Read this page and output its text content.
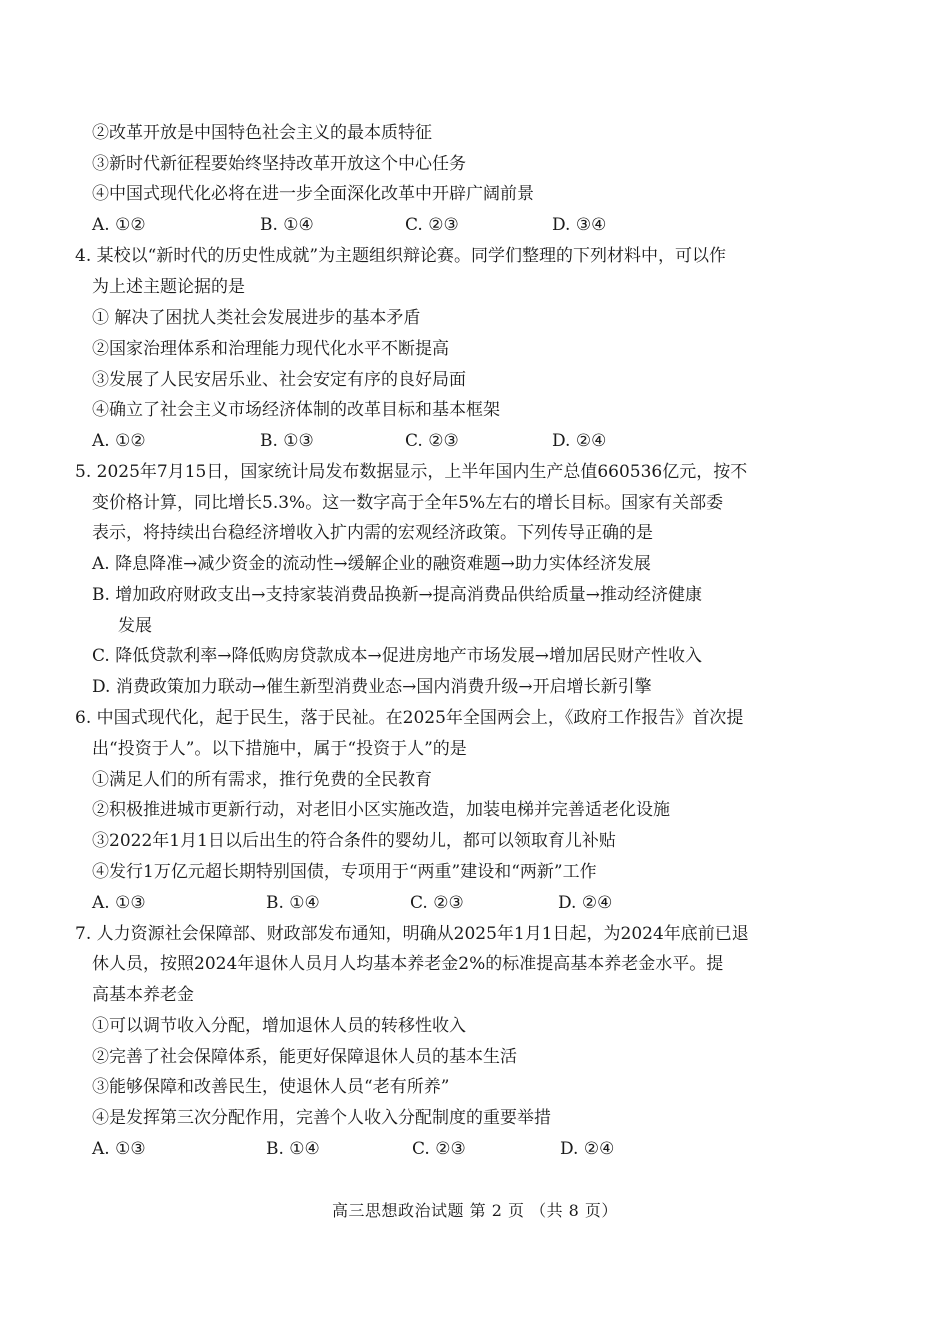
②改革开放是中国特色社会主义的最本质特征
③新时代新征程要始终坚持改革开放这个中心任务
④中国式现代化必将在进一步全面深化改革中开辟广阔前景
A. ①②	B. ①④	C. ②③	D. ③④
4. 某校以“新时代的历史性成就”为主题组织辩论赛。同学们整理的下列材料中，可以作
为上述主题论据的是
① 解决了困扰人类社会发展进步的基本矛盾
②国家治理体系和治理能力现代化水平不断提高
③发展了人民安居乐业、社会安定有序的良好局面
④确立了社会主义市场经济体制的改革目标和基本框架
A. ①②	B. ①③	C. ②③	D. ②④
5. 2025年7月15日，国家统计局发布数据显示，上半年国内生产总值660536亿元，按不
变价格计算，同比增长5.3%。这一数字高于全年5%左右的增长目标。国家有关部委
表示，将持续出台稳经济增收入扩内需的宏观经济政策。下列传导正确的是
A. 降息降准→减少资金的流动性→缓解企业的融资难题→助力实体经济发展
B. 增加政府财政支出→支持家装消费品换新→提高消费品供给质量→推动经济健康
发展
C. 降低贷款利率→降低购房贷款成本→促进房地产市场发展→增加居民财产性收入
D. 消费政策加力联动→催生新型消费业态→国内消费升级→开启增长新引擎
6. 中国式现代化，起于民生，落于民祉。在2025年全国两会上，《政府工作报告》首次提
出“投资于人”。以下措施中，属于“投资于人”的是
①满足人们的所有需求，推行免费的全民教育
②积极推进城市更新行动，对老旧小区实施改造，加装电梯并完善适老化设施
③2022年1月1日以后出生的符合条件的婴幼儿，都可以领取育儿补贴
④发行1万亿元超长期特别国债，专项用于“两重”建设和“两新”工作
A. ①③	B. ①④	C. ②③	D. ②④
7. 人力资源社会保障部、财政部发布通知，明确从2025年1月1日起，为2024年底前已退
休人员，按照2024年退休人员月人均基本养老金2%的标准提高基本养老金水平。提
高基本养老金
①可以调节收入分配，增加退休人员的转移性收入
②完善了社会保障体系，能更好保障退休人员的基本生活
③能够保障和改善民生，使退休人员“老有所养”
④是发挥第三次分配作用，完善个人收入分配制度的重要举措
A. ①③	B. ①④	C. ②③	D. ②④
高三思想政治试题 第 2 页 （共 8 页）
